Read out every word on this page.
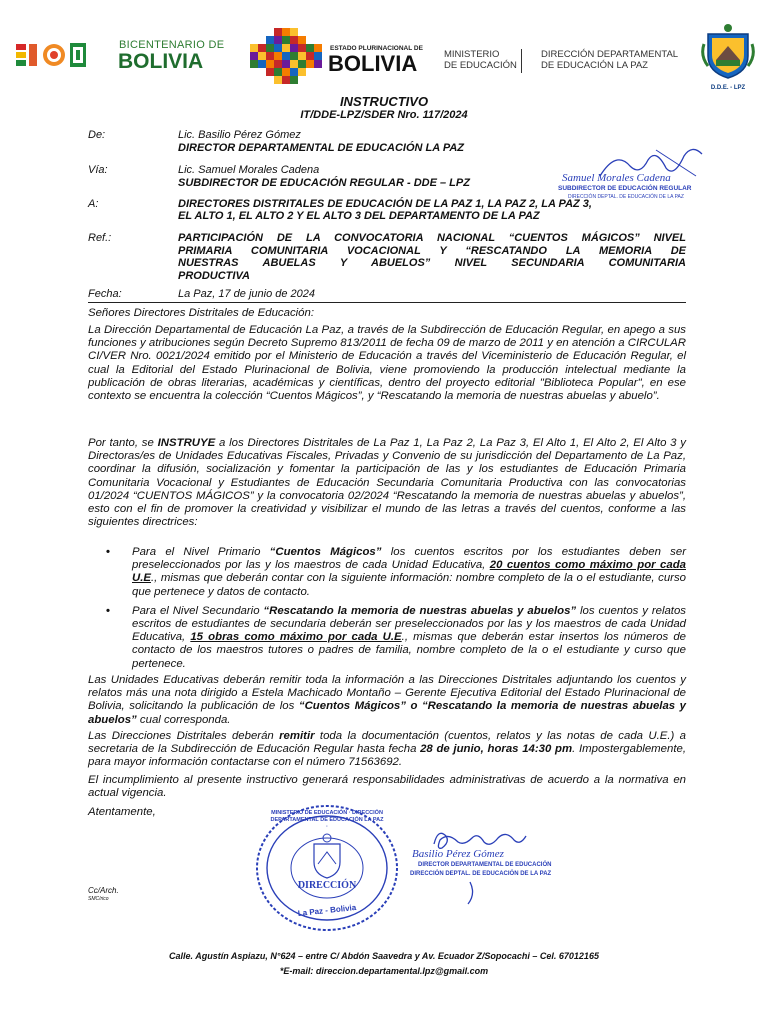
BICENTENARIO DE
BOLIVIA
ESTADO PLURINACIONAL DE
BOLIVIA	MINISTERIO
DE EDUCACIÓN
DIRECCIÓN DEPARTAMENTAL
DE EDUCACIÓN LA PAZ
D.D.E. - LPZ
INSTRUCTIVO
IT/DDE-LPZ/SDER Nro. 117/2024
De:	Lic. Basilio Pérez Gómez
DIRECTOR DEPARTAMENTAL DE EDUCACIÓN LA PAZ
Vía:	Lic. Samuel Morales Cadena
SUBDIRECTOR DE EDUCACIÓN REGULAR - DDE – LPZ	Samuel Morales Cadena
SUBDIRECTOR DE EDUCACIÓN REGULAR
DIRECCIÓN DEPTAL. DE EDUCACIÓN DE LA PAZ
A:	DIRECTORES DISTRITALES DE EDUCACIÓN DE LA PAZ 1, LA PAZ 2, LA PAZ 3,
EL ALTO 1, EL ALTO 2 Y EL ALTO 3 DEL DEPARTAMENTO DE LA PAZ
Ref.:	PARTICIPACIÓN DE LA CONVOCATORIA NACIONAL “CUENTOS MÁGICOS” NIVEL
PRIMARIA COMUNITARIA VOCACIONAL Y “RESCATANDO LA MEMORIA DE
NUESTRAS ABUELAS Y ABUELOS” NIVEL SECUNDARIA COMUNITARIA
PRODUCTIVA
Fecha:	La Paz, 17 de junio de 2024
Señores Directores Distritales de Educación:
La Dirección Departamental de Educación La Paz, a través de la Subdirección de Educación Regular, en apego a sus funciones y atribuciones según Decreto Supremo 813/2011 de fecha 09 de marzo de 2011 y en atención a CIRCULAR CI/VER Nro. 0021/2024 emitido por el Ministerio de Educación a través del Viceministerio de Educación Regular, el cual la Editorial del Estado Plurinacional de Bolivia, viene promoviendo la producción intelectual mediante la publicación de obras literarias, académicas y científicas, dentro del proyecto editorial "Biblioteca Popular", en ese contexto se encuentra la colección “Cuentos Mágicos”, y “Rescatando la memoria de nuestras abuelas y abuelo”.
Por tanto, se INSTRUYE a los Directores Distritales de La Paz 1, La Paz 2, La Paz 3, El Alto 1, El Alto 2, El Alto 3 y Directoras/es de Unidades Educativas Fiscales, Privadas y Convenio de su jurisdicción del Departamento de La Paz, coordinar la difusión, socialización y fomentar la participación de las y los estudiantes de Educación Primaria Comunitaria Vocacional y Estudiantes de Educación Secundaria Comunitaria Productiva con las convocatorias 01/2024 “CUENTOS MÁGICOS” y la convocatoria 02/2024 “Rescatando la memoria de nuestras abuelas y abuelos”, esto con el fin de promover la creatividad y visibilizar el mundo de las letras a través del cuentos, conforme a las siguientes directrices:
• Para el Nivel Primario “Cuentos Mágicos” los cuentos escritos por los estudiantes deben ser preseleccionados por las y los maestros de cada Unidad Educativa, 20 cuentos como máximo por cada U.E., mismas que deberán contar con la siguiente información: nombre completo de la o el estudiante, curso que pertenece y datos de contacto.
• Para el Nivel Secundario “Rescatando la memoria de nuestras abuelas y abuelos” los cuentos y relatos escritos de estudiantes de secundaria deberán ser preseleccionados por las y los maestros de cada Unidad Educativa, 15 obras como máximo por cada U.E., mismas que deberán estar insertos los números de contacto de los maestros tutores o padres de familia, nombre completo de la o el estudiante y curso que pertenece.
Las Unidades Educativas deberán remitir toda la información a las Direcciones Distritales adjuntando los cuentos y relatos más una nota dirigido a Estela Machicado Montaño – Gerente Ejecutiva Editorial del Estado Plurinacional de Bolivia, solicitando la publicación de los “Cuentos Mágicos” o “Rescatando la memoria de nuestras abuelas y abuelos” cual corresponda.
Las Direcciones Distritales deberán remitir toda la documentación (cuentos, relatos y las notas de cada U.E.) a secretaria de la Subdirección de Educación Regular hasta fecha 28 de junio, horas 14:30 pm. Impostergablemente, para mayor información contactarse con el número 71563692.
El incumplimiento al presente instructivo generará responsabilidades administrativas de acuerdo a la normativa en actual vigencia.
Atentamente,
DIRECCIÓN
La Paz - Bolivia
MINISTERIO DE EDUCACIÓN · DIRECCIÓN DEPARTAMENTAL DE EDUCACIÓN LA PAZ ·
Basilio Pérez Gómez
DIRECTOR DEPARTAMENTAL DE EDUCACIÓN
DIRECCIÓN DEPTAL. DE EDUCACIÓN DE LA PAZ
Cc/Arch.
SMC/rico
Calle. Agustín Aspiazu, N°624 – entre C/ Abdón Saavedra y Av. Ecuador Z/Sopocachi – Cel. 67012165
*E-mail: direccion.departamental.lpz@gmail.com
